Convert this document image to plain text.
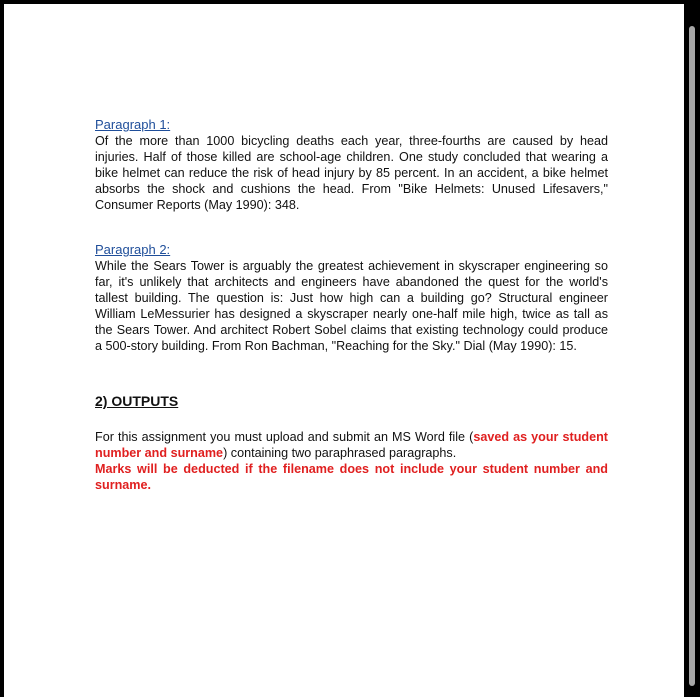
Paragraph 1:

Of the more than 1000 bicycling deaths each year, three-fourths are caused by head injuries. Half of those killed are school-age children. One study concluded that wearing a bike helmet can reduce the risk of head injury by 85 percent. In an accident, a bike helmet absorbs the shock and cushions the head. From "Bike Helmets: Unused Lifesavers," Consumer Reports (May 1990): 348.

Paragraph 2:

While the Sears Tower is arguably the greatest achievement in skyscraper engineering so far, it's unlikely that architects and engineers have abandoned the quest for the world's tallest building. The question is: Just how high can a building go? Structural engineer William LeMessurier has designed a skyscraper nearly one-half mile high, twice as tall as the Sears Tower. And architect Robert Sobel claims that existing technology could produce a 500-story building. From Ron Bachman, "Reaching for the Sky." Dial (May 1990): 15.

2) OUTPUTS

For this assignment you must upload and submit an MS Word file (saved as your student number and surname) containing two paraphrased paragraphs.

Marks will be deducted if the filename does not include your student number and surname.
